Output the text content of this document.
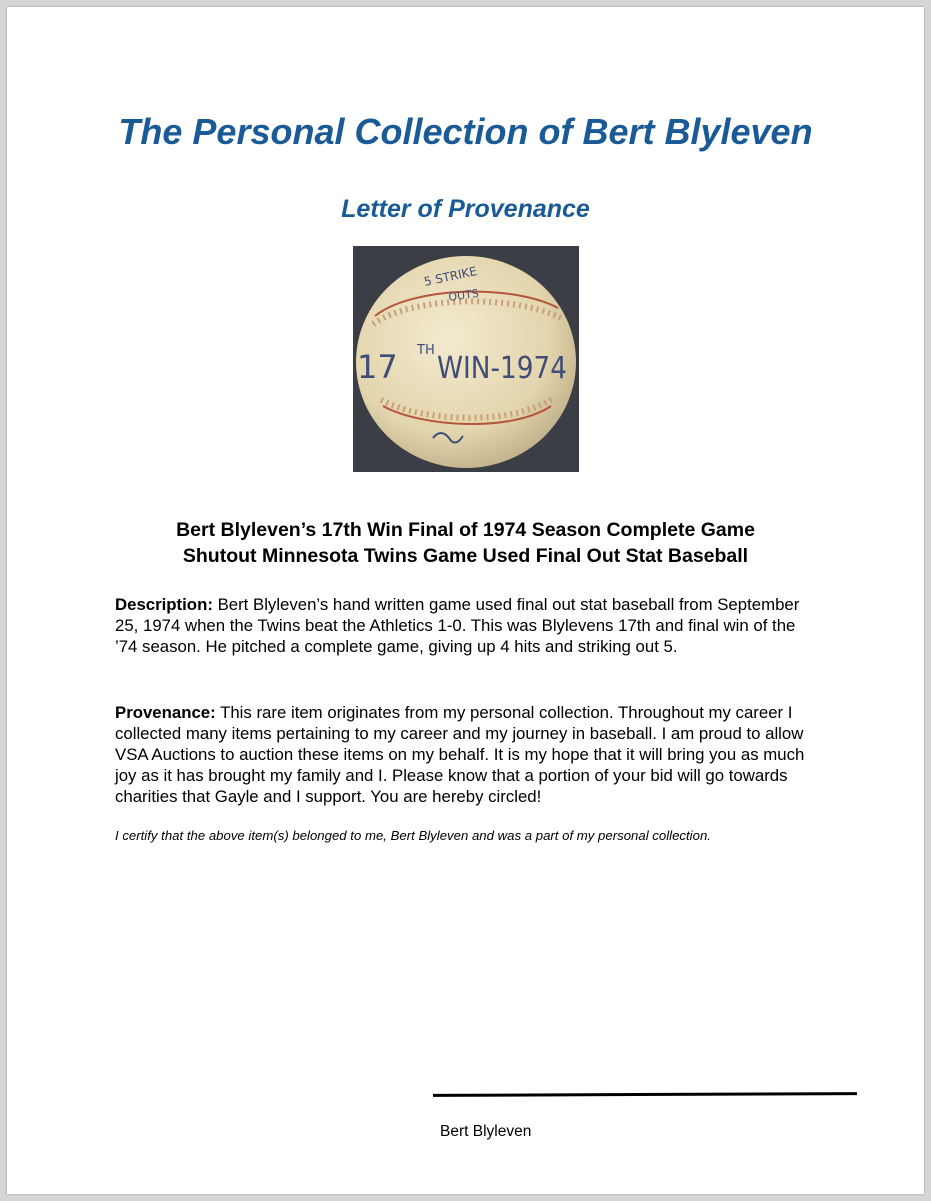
The Personal Collection of Bert Blyleven
Letter of Provenance
5 STRIKE
OUTS
17 TH
WIN-1974
Bert Blyleven’s 17th Win Final of 1974 Season Complete Game
Shutout Minnesota Twins Game Used Final Out Stat Baseball

Description: Bert Blyleven’s hand written game used final out stat baseball from September 25, 1974 when the Twins beat the Athletics 1-0. This was Blylevens 17th and final win of the ’74 season. He pitched a complete game, giving up 4 hits and striking out 5.

Provenance: This rare item originates from my personal collection. Throughout my career I collected many items pertaining to my career and my journey in baseball. I am proud to allow VSA Auctions to auction these items on my behalf. It is my hope that it will bring you as much joy as it has brought my family and I. Please know that a portion of your bid will go towards charities that Gayle and I support. You are hereby circled!

I certify that the above item(s) belonged to me, Bert Blyleven and was a part of my personal collection.

Bert Blyleven
